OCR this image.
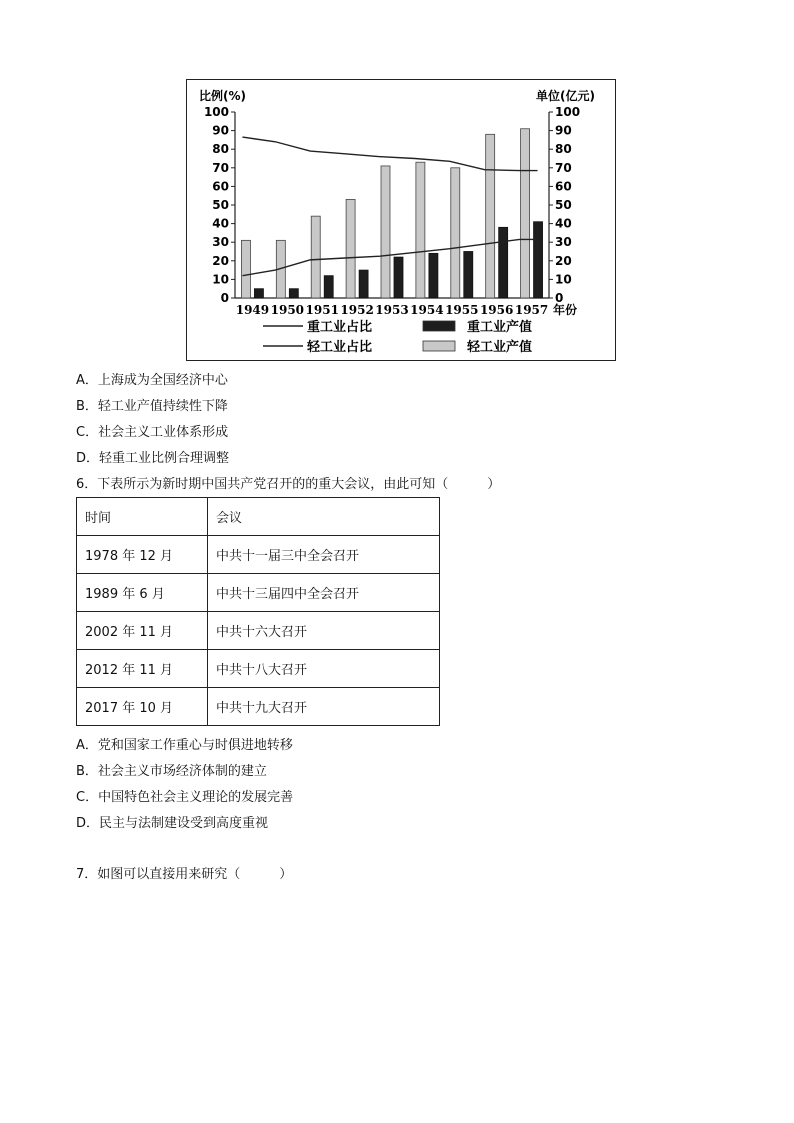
比例(%)	单位(亿元)
0	0
10	10
20	20
30	30
40	40
50	50
60	60
70	70
80	80
90	90
100	100
1949 1950 1951 1952 1953 1954 1955 1956 1957 年份
重工业占比	重工业产值
轻工业占比	轻工业产值
A．上海成为全国经济中心
B．轻工业产值持续性下降
C．社会主义工业体系形成
D．轻重工业比例合理调整
6．下表所示为新时期中国共产党召开的的重大会议，由此可知（　　　）
时间	会议
1978 年 12 月	中共十一届三中全会召开
1989 年 6 月	中共十三届四中全会召开
2002 年 11 月	中共十六大召开
2012 年 11 月	中共十八大召开
2017 年 10 月	中共十九大召开
A．党和国家工作重心与时俱进地转移
B．社会主义市场经济体制的建立
C．中国特色社会主义理论的发展完善
D．民主与法制建设受到高度重视
7．如图可以直接用来研究（　　　）
